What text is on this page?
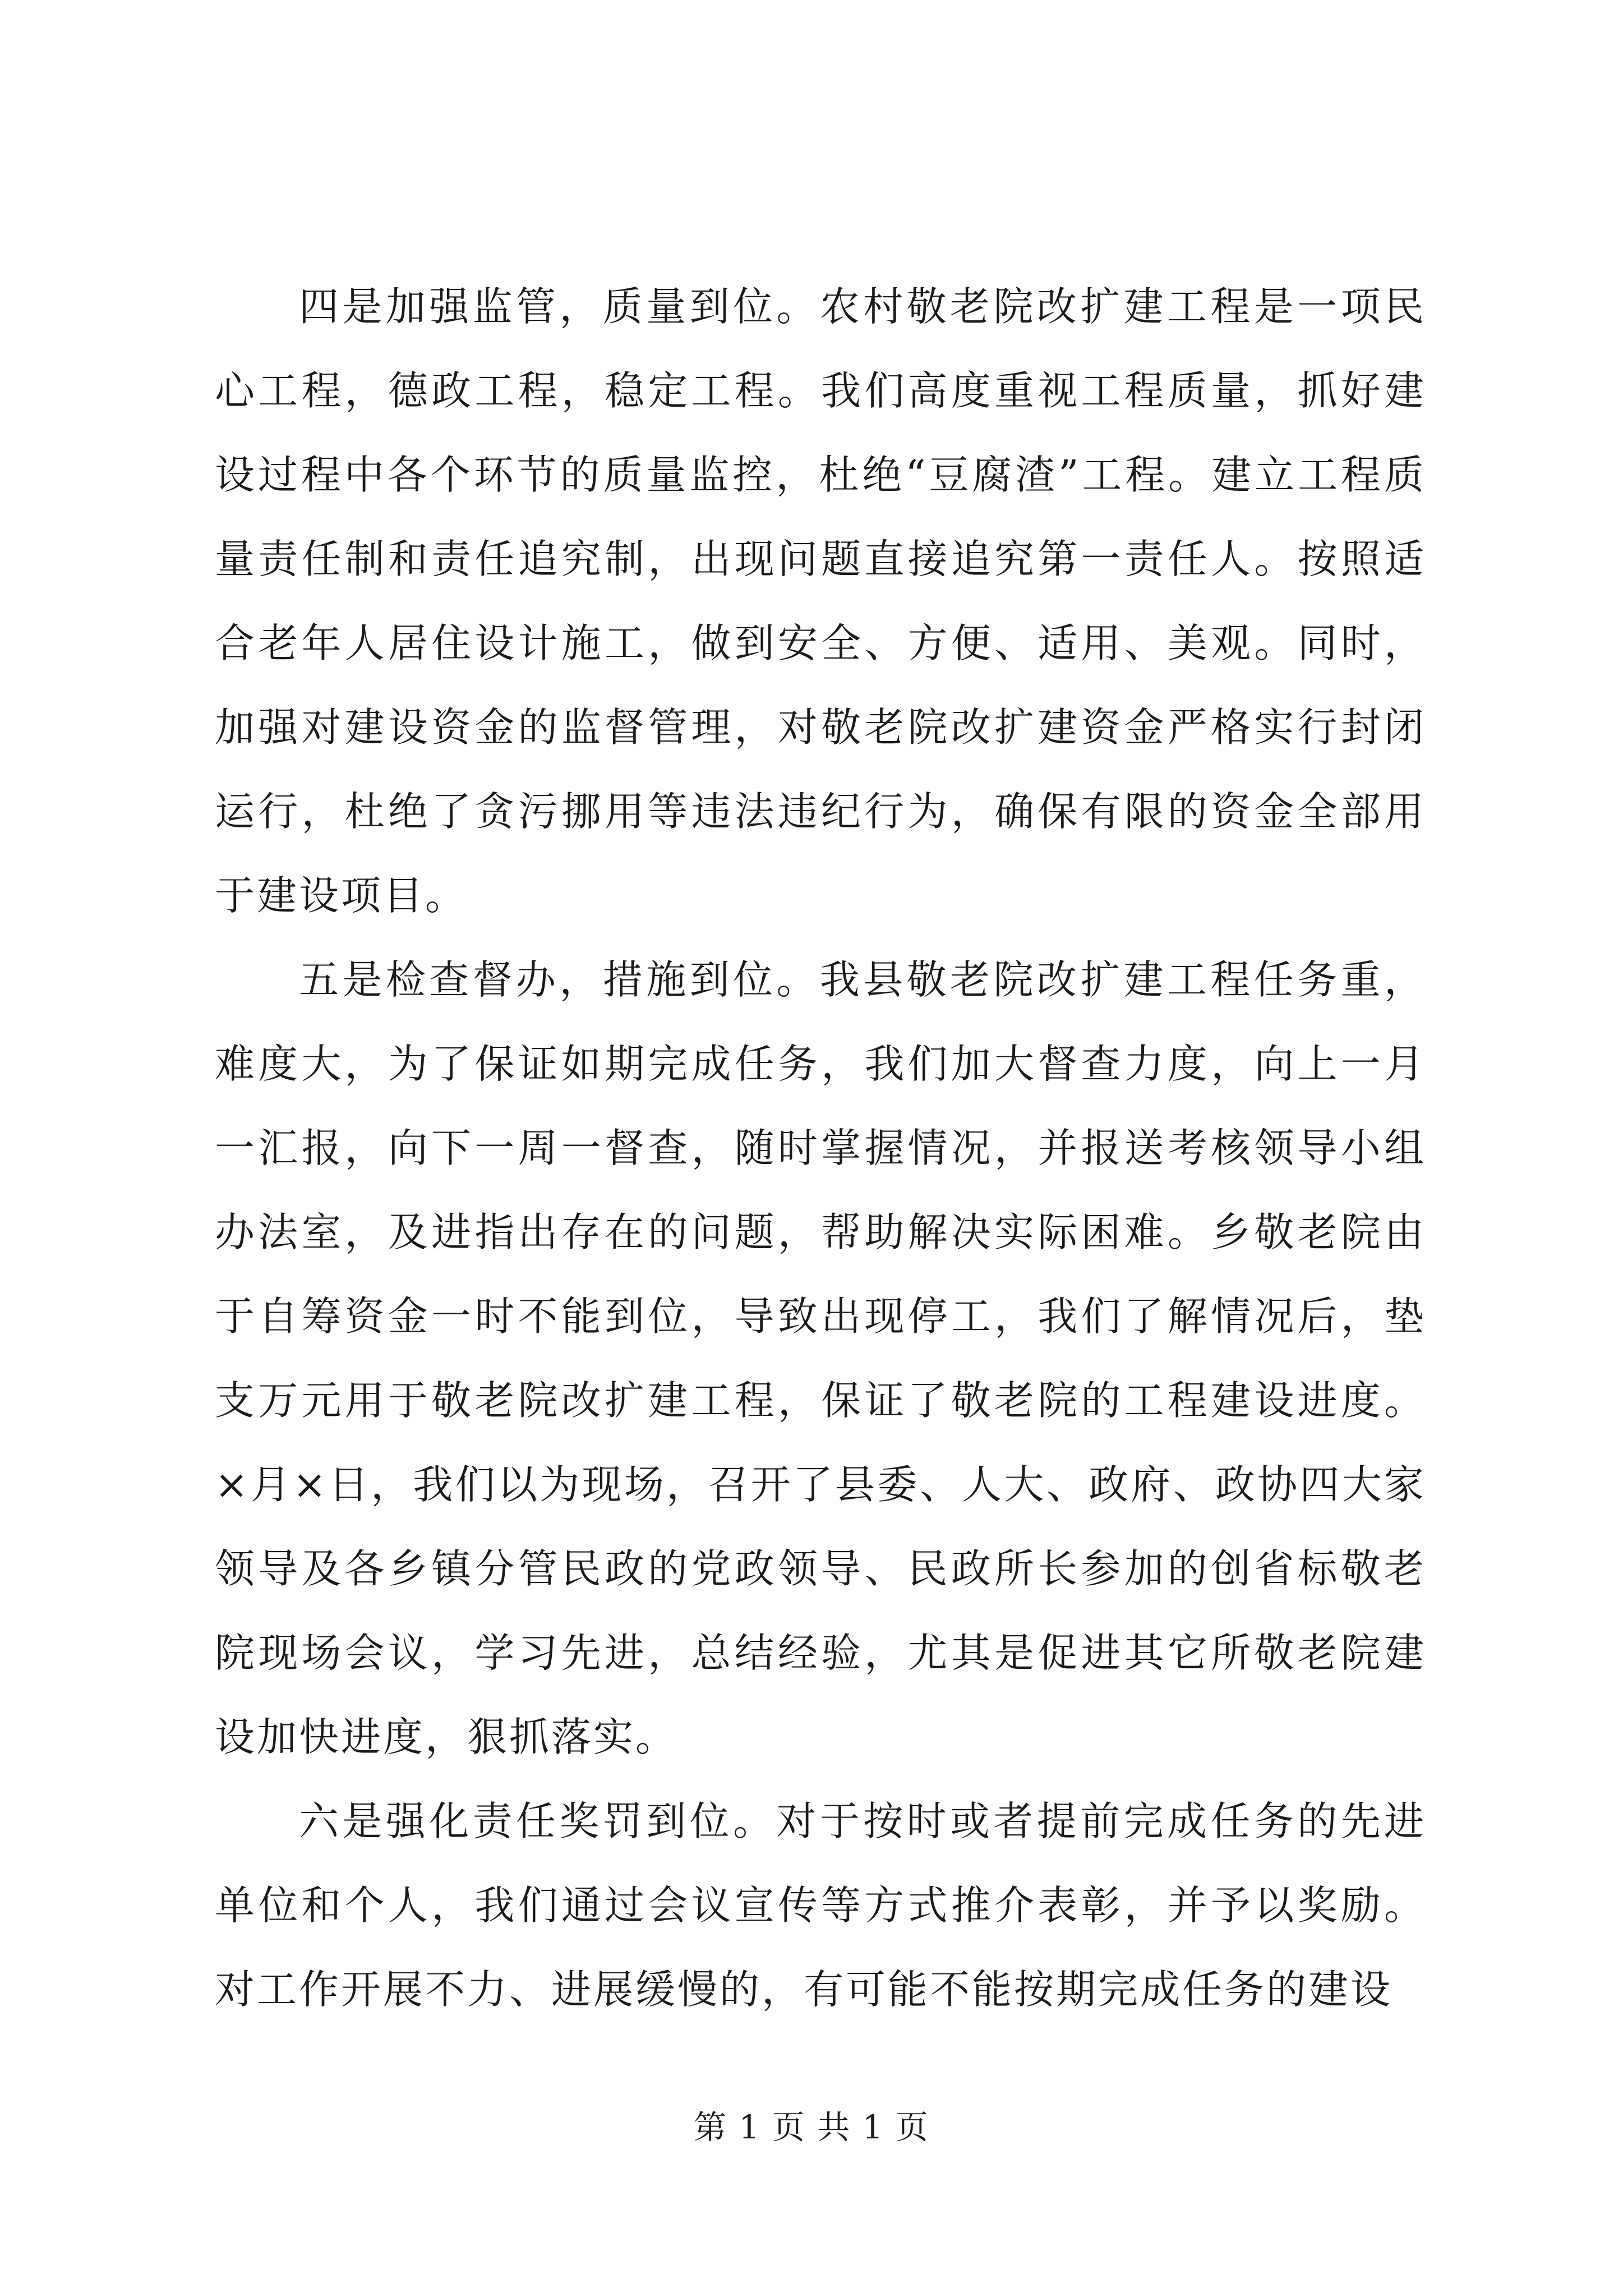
四是加强监管，质量到位。农村敬老院改扩建工程是一项民心工程，德政工程，稳定工程。我们高度重视工程质量，抓好建设过程中各个环节的质量监控，杜绝“豆腐渣”工程。建立工程质量责任制和责任追究制，出现问题直接追究第一责任人。按照适合老年人居住设计施工，做到安全、方便、适用、美观。同时，加强对建设资金的监督管理，对敬老院改扩建资金严格实行封闭运行，杜绝了贪污挪用等违法违纪行为，确保有限的资金全部用于建设项目。

五是检查督办，措施到位。我县敬老院改扩建工程任务重，难度大，为了保证如期完成任务，我们加大督查力度，向上一月一汇报，向下一周一督查，随时掌握情况，并报送考核领导小组办法室，及进指出存在的问题，帮助解决实际困难。乡敬老院由于自筹资金一时不能到位，导致出现停工，我们了解情况后，垫支万元用于敬老院改扩建工程，保证了敬老院的工程建设进度。×月×日，我们以为现场，召开了县委、人大、政府、政协四大家领导及各乡镇分管民政的党政领导、民政所长参加的创省标敬老院现场会议，学习先进，总结经验，尤其是促进其它所敬老院建设加快进度，狠抓落实。

六是强化责任奖罚到位。对于按时或者提前完成任务的先进单位和个人，我们通过会议宣传等方式推介表彰，并予以奖励。对工作开展不力、进展缓慢的，有可能不能按期完成任务的建设

第 1 页 共 1 页
